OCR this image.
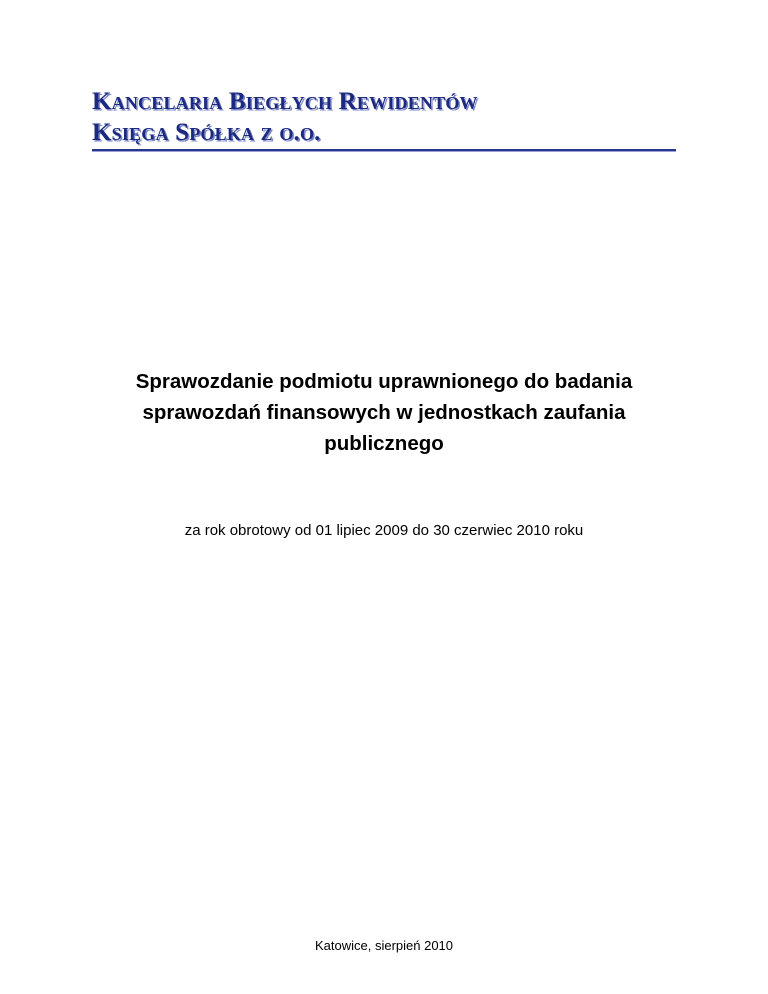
Kancelaria Biegłych Rewidentów
Księga Spółka z o.o.
Sprawozdanie podmiotu uprawnionego do badania
sprawozdań finansowych w jednostkach zaufania
publicznego
za rok obrotowy od 01 lipiec 2009 do 30 czerwiec 2010 roku
Katowice, sierpień 2010
